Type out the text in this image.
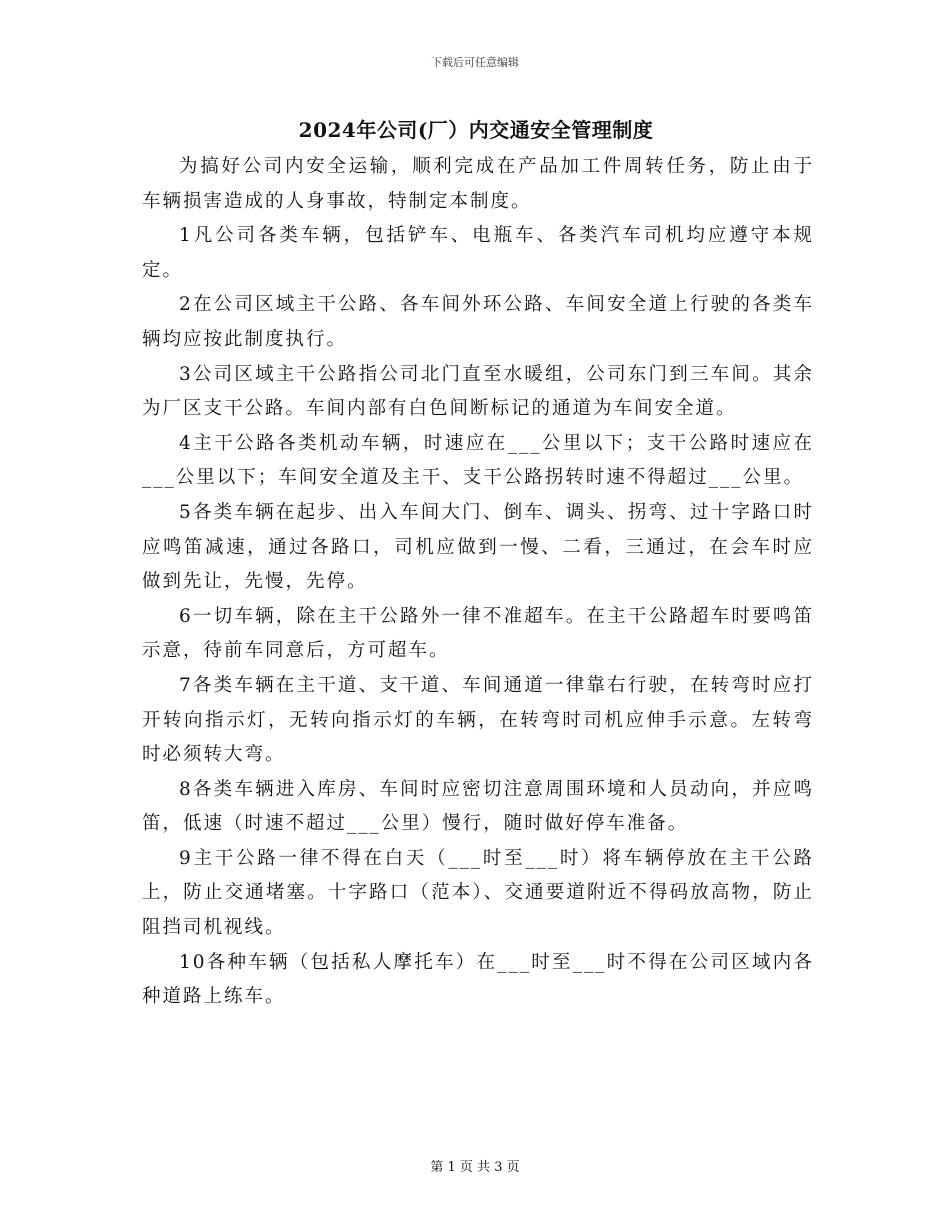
下载后可任意编辑
2024年公司(厂）内交通安全管理制度

为搞好公司内安全运输，顺利完成在产品加工件周转任务，防止由于车辆损害造成的人身事故，特制定本制度。

1凡公司各类车辆，包括铲车、电瓶车、各类汽车司机均应遵守本规定。

2在公司区域主干公路、各车间外环公路、车间安全道上行驶的各类车辆均应按此制度执行。

3公司区域主干公路指公司北门直至水暖组，公司东门到三车间。其余为厂区支干公路。车间内部有白色间断标记的通道为车间安全道。

4主干公路各类机动车辆，时速应在___公里以下；支干公路时速应在___公里以下；车间安全道及主干、支干公路拐转时速不得超过___公里。

5各类车辆在起步、出入车间大门、倒车、调头、拐弯、过十字路口时应鸣笛减速，通过各路口，司机应做到一慢、二看，三通过，在会车时应做到先让，先慢，先停。

6一切车辆，除在主干公路外一律不准超车。在主干公路超车时要鸣笛示意，待前车同意后，方可超车。

7各类车辆在主干道、支干道、车间通道一律靠右行驶，在转弯时应打开转向指示灯，无转向指示灯的车辆，在转弯时司机应伸手示意。左转弯时必须转大弯。

8各类车辆进入库房、车间时应密切注意周围环境和人员动向，并应鸣笛，低速（时速不超过___公里）慢行，随时做好停车准备。

9主干公路一律不得在白天（___时至___时）将车辆停放在主干公路上，防止交通堵塞。十字路口（范本）、交通要道附近不得码放高物，防止阻挡司机视线。

10各种车辆（包括私人摩托车）在___时至___时不得在公司区域内各种道路上练车。

第 1 页 共 3 页
